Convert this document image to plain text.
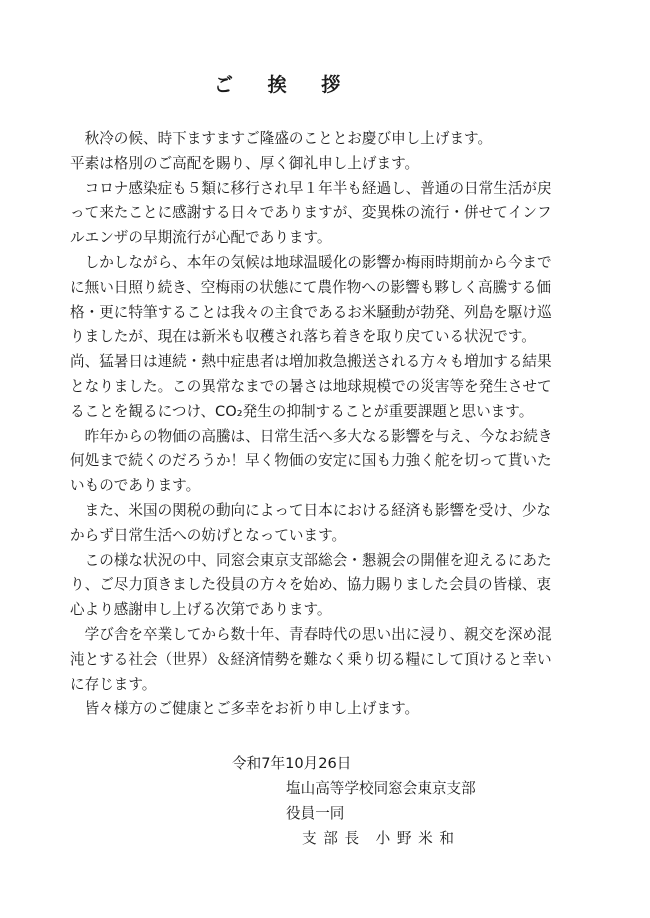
ご 挨 拶
　秋冷の候、時下ますますご隆盛のこととお慶び申し上げます。
平素は格別のご高配を賜り、厚く御礼申し上げます。
　コロナ感染症も５類に移行され早１年半も経過し、普通の日常生活が戻
って来たことに感謝する日々でありますが、変異株の流行・併せてインフ
ルエンザの早期流行が心配であります。
　しかしながら、本年の気候は地球温暖化の影響か梅雨時期前から今まで
に無い日照り続き、空梅雨の状態にて農作物への影響も夥しく高騰する価
格・更に特筆することは我々の主食であるお米騒動が勃発、列島を駆け巡
りましたが、現在は新米も収穫され落ち着きを取り戻ている状況です。
尚、猛暑日は連続・熱中症患者は増加救急搬送される方々も増加する結果
となりました。この異常なまでの暑さは地球規模での災害等を発生させて
ることを観るにつけ、CO₂発生の抑制することが重要課題と思います。
　昨年からの物価の高騰は、日常生活へ多大なる影響を与え、今なお続き
何処まで続くのだろうか！早く物価の安定に国も力強く舵を切って貰いた
いものであります。
　また、米国の関税の動向によって日本における経済も影響を受け、少な
からず日常生活への妨げとなっています。
　この様な状況の中、同窓会東京支部総会・懇親会の開催を迎えるにあた
り、ご尽力頂きました役員の方々を始め、協力賜りました会員の皆様、衷
心より感謝申し上げる次第であります。
　学び舎を卒業してから数十年、青春時代の思い出に浸り、親交を深め混
沌とする社会（世界）＆経済情勢を難なく乗り切る糧にして頂けると幸い
に存じます。
　皆々様方のご健康とご多幸をお祈り申し上げます。
令和7年10月26日
塩山高等学校同窓会東京支部
役員一同
支 部 長　小 野 米 和
